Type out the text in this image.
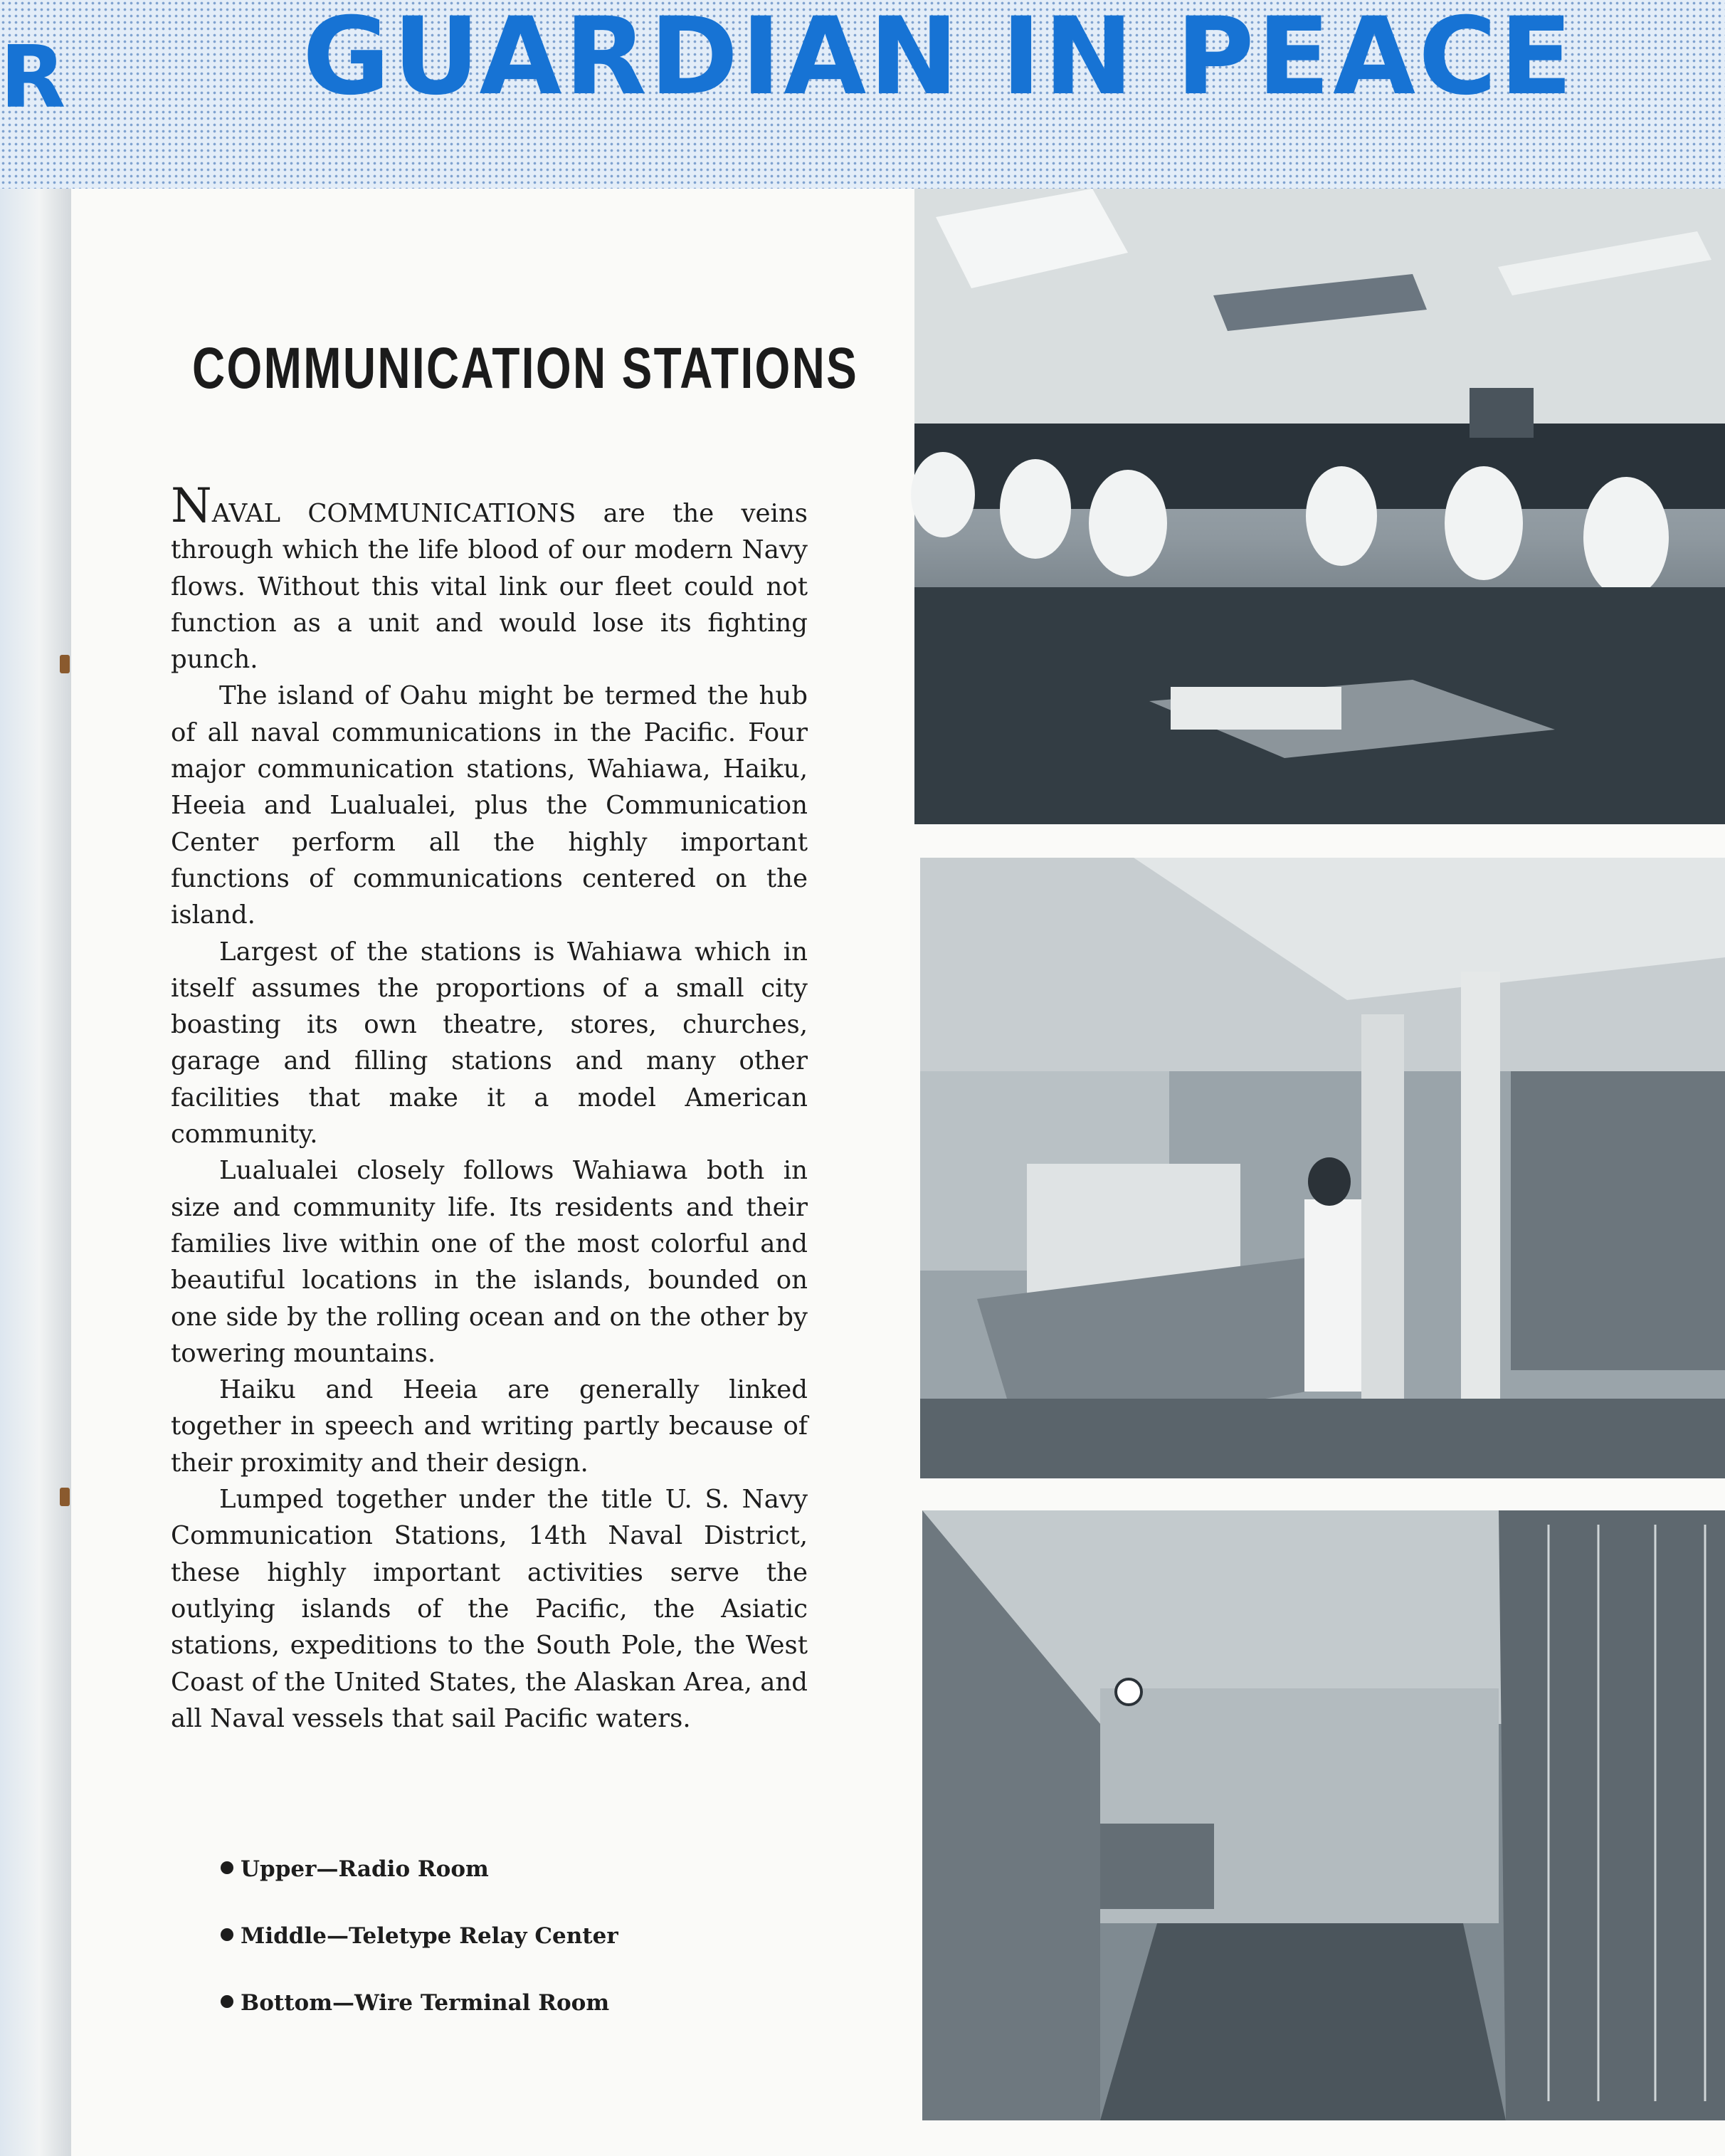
R GUARDIAN IN PEACE
COMMUNICATION STATIONS

NAVAL COMMUNICATIONS are the veins through which the life blood of our modern Navy flows. Without this vital link our fleet could not function as a unit and would lose its fighting punch.

The island of Oahu might be termed the hub of all naval communications in the Pacific. Four major communication stations, Wahiawa, Haiku, Heeia and Lualualei, plus the Communication Center perform all the highly important functions of communications centered on the island.

Largest of the stations is Wahiawa which in itself assumes the proportions of a small city boasting its own theatre, stores, churches, garage and filling stations and many other facilities that make it a model American community.

Lualualei closely follows Wahiawa both in size and community life. Its residents and their families live within one of the most colorful and beautiful locations in the islands, bounded on one side by the rolling ocean and on the other by towering mountains.

Haiku and Heeia are generally linked together in speech and writing partly because of their proximity and their design.

Lumped together under the title U. S. Navy Communication Stations, 14th Naval District, these highly important activities serve the outlying islands of the Pacific, the Asiatic stations, expeditions to the South Pole, the West Coast of the United States, the Alaskan Area, and all Naval vessels that sail Pacific waters.

Upper—Radio Room

Middle—Teletype Relay Center

Bottom—Wire Terminal Room
